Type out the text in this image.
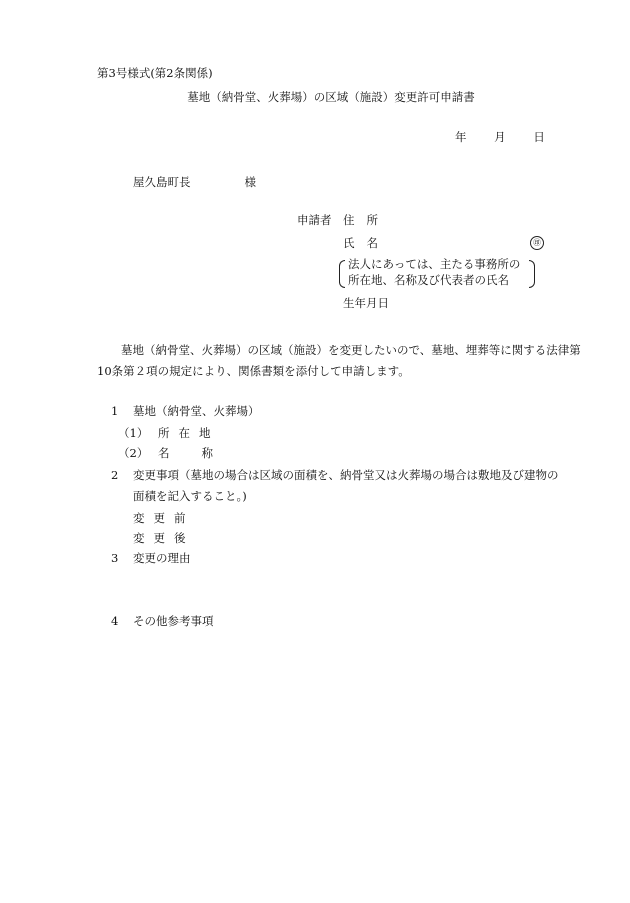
第3号様式(第2条関係)
墓地（納骨堂、火葬場）の区域（施設）変更許可申請書
年 月 日
屋久島町長	様
申請者 住所
氏名	㊞
法人にあっては、主たる事務所の
所在地、名称及び代表者の氏名
生年月日
墓地（納骨堂、火葬場）の区域（施設）を変更したいので、墓地、埋葬等に関する法律第10条第２項の規定により、関係書類を添付して申請します。
1 墓地（納骨堂、火葬場）
（1） 所在地
（2） 名称
2 変更事項（墓地の場合は区域の面積を、納骨堂又は火葬場の場合は敷地及び建物の
面積を記入すること。)
変更前
変更後
3 変更の理由
4 その他参考事項
